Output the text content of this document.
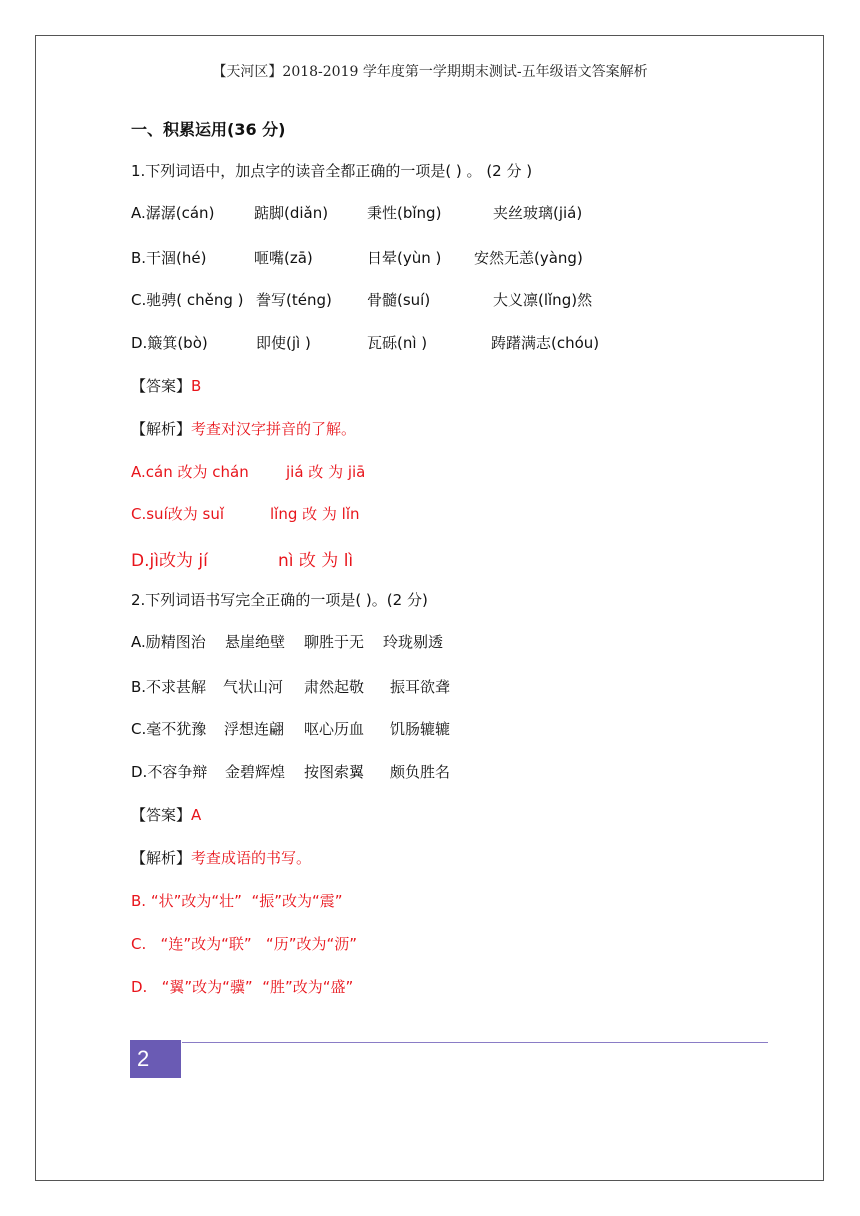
【天河区】2018-2019 学年度第一学期期末测试-五年级语文答案解析
一、积累运用(36 分)
1.下列词语中，加点字的读音全都正确的一项是( ) 。 (2 分 )
A.潺潺(cán)	踮脚(diǎn)	秉性(bǐng)	夹丝玻璃(jiá)
B.干涸(hé)	咂嘴(zā)	日晕(yùn ) 安然无恙(yàng)
C.驰骋( chěng ) 誊写(téng) 骨髓(suí)	大义凛(lǐng)然
D.簸箕(bò)	即使(jì )	瓦砾(nì )	踌躇满志(chóu)
【答案】B
【解析】考查对汉字拼音的了解。
A.cán 改为 chán jiá 改 为 jiā
C.suí改为 suǐ	lǐng 改 为 lǐn
D.jì改为 jí	nì 改 为 lì
2.下列词语书写完全正确的一项是( )。(2 分)
A.励精图治 悬崖绝壁 聊胜于无 玲珑剔透
B.不求甚解 气状山河 肃然起敬 振耳欲聋
C.毫不犹豫 浮想连翩 呕心历血 饥肠辘辘
D.不容争辩 金碧辉煌 按图索翼 颇负胜名
【答案】A
【解析】考查成语的书写。
B. “状”改为“壮”  “振”改为“震”
C.   “连”改为“联”   “历”改为“沥”
D.   “翼”改为“骥”  “胜”改为“盛”
2
